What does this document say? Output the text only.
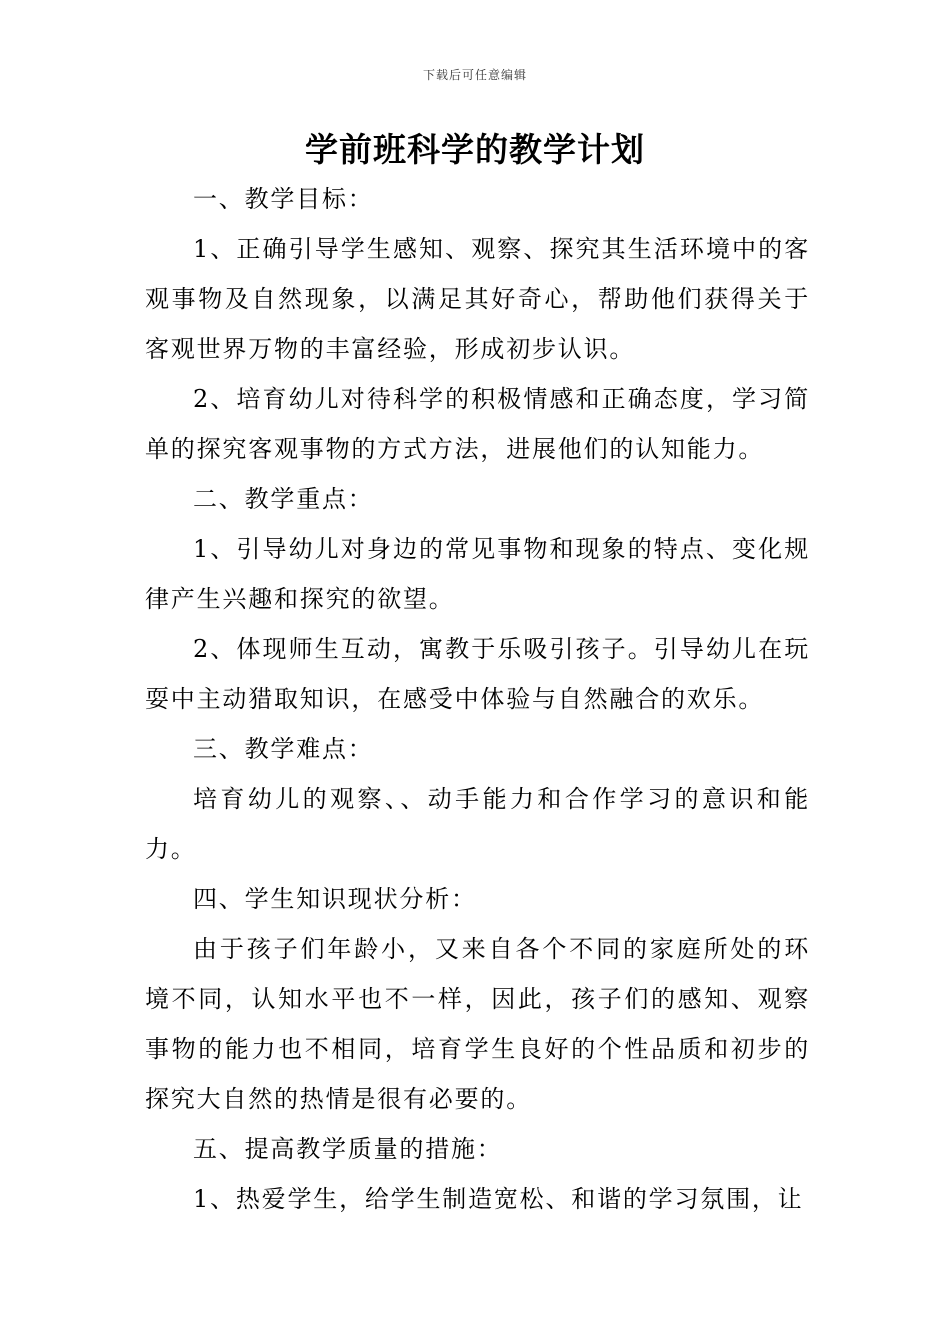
下载后可任意编辑
学前班科学的教学计划

一、教学目标：

1、正确引导学生感知、观察、探究其生活环境中的客观事物及自然现象，以满足其好奇心，帮助他们获得关于客观世界万物的丰富经验，形成初步认识。

2、培育幼儿对待科学的积极情感和正确态度，学习简单的探究客观事物的方式方法，进展他们的认知能力。

二、教学重点：

1、引导幼儿对身边的常见事物和现象的特点、变化规律产生兴趣和探究的欲望。

2、体现师生互动，寓教于乐吸引孩子。引导幼儿在玩耍中主动猎取知识，在感受中体验与自然融合的欢乐。

三、教学难点：

培育幼儿的观察、、动手能力和合作学习的意识和能力。

四、学生知识现状分析：

由于孩子们年龄小，又来自各个不同的家庭所处的环境不同，认知水平也不一样，因此，孩子们的感知、观察事物的能力也不相同，培育学生良好的个性品质和初步的探究大自然的热情是很有必要的。

五、提高教学质量的措施：

1、热爱学生，给学生制造宽松、和谐的学习氛围，让
